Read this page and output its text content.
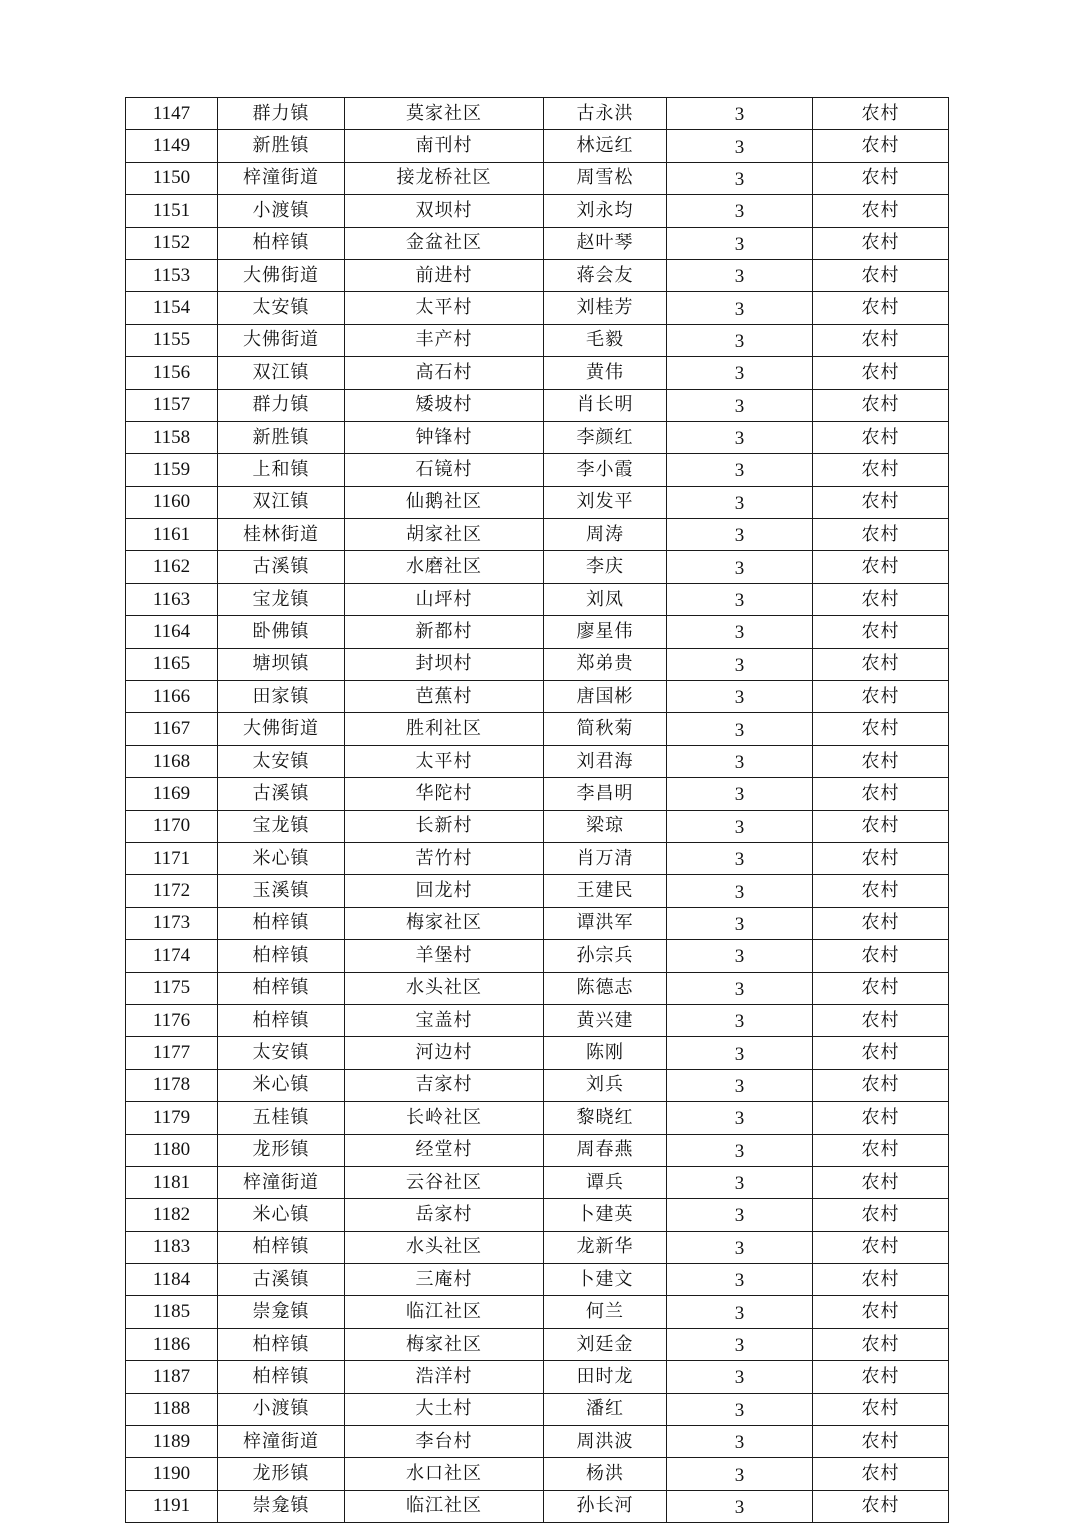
1147	群力镇	莫家社区	古永洪	3	农村
1149	新胜镇	南刊村	林远红	3	农村
1150	梓潼街道	接龙桥社区	周雪松	3	农村
1151	小渡镇	双坝村	刘永均	3	农村
1152	柏梓镇	金盆社区	赵叶琴	3	农村
1153	大佛街道	前进村	蒋会友	3	农村
1154	太安镇	太平村	刘桂芳	3	农村
1155	大佛街道	丰产村	毛毅	3	农村
1156	双江镇	高石村	黄伟	3	农村
1157	群力镇	矮坡村	肖长明	3	农村
1158	新胜镇	钟锋村	李颜红	3	农村
1159	上和镇	石镜村	李小霞	3	农村
1160	双江镇	仙鹅社区	刘发平	3	农村
1161	桂林街道	胡家社区	周涛	3	农村
1162	古溪镇	水磨社区	李庆	3	农村
1163	宝龙镇	山坪村	刘凤	3	农村
1164	卧佛镇	新都村	廖星伟	3	农村
1165	塘坝镇	封坝村	郑弟贵	3	农村
1166	田家镇	芭蕉村	唐国彬	3	农村
1167	大佛街道	胜利社区	简秋菊	3	农村
1168	太安镇	太平村	刘君海	3	农村
1169	古溪镇	华陀村	李昌明	3	农村
1170	宝龙镇	长新村	梁琼	3	农村
1171	米心镇	苦竹村	肖万清	3	农村
1172	玉溪镇	回龙村	王建民	3	农村
1173	柏梓镇	梅家社区	谭洪军	3	农村
1174	柏梓镇	羊堡村	孙宗兵	3	农村
1175	柏梓镇	水头社区	陈德志	3	农村
1176	柏梓镇	宝盖村	黄兴建	3	农村
1177	太安镇	河边村	陈刚	3	农村
1178	米心镇	吉家村	刘兵	3	农村
1179	五桂镇	长岭社区	黎晓红	3	农村
1180	龙形镇	经堂村	周春燕	3	农村
1181	梓潼街道	云谷社区	谭兵	3	农村
1182	米心镇	岳家村	卜建英	3	农村
1183	柏梓镇	水头社区	龙新华	3	农村
1184	古溪镇	三庵村	卜建文	3	农村
1185	崇龛镇	临江社区	何兰	3	农村
1186	柏梓镇	梅家社区	刘廷金	3	农村
1187	柏梓镇	浩洋村	田时龙	3	农村
1188	小渡镇	大土村	潘红	3	农村
1189	梓潼街道	李台村	周洪波	3	农村
1190	龙形镇	水口社区	杨洪	3	农村
1191	崇龛镇	临江社区	孙长河	3	农村
